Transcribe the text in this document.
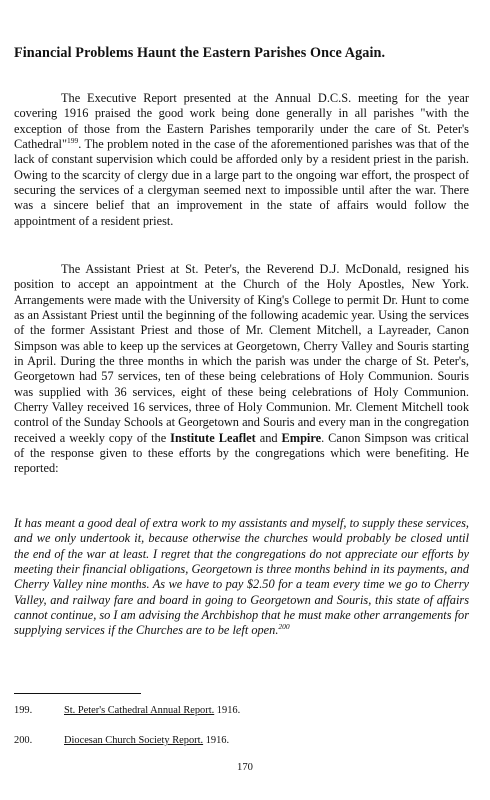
Financial Problems Haunt the Eastern Parishes Once Again.

The Executive Report presented at the Annual D.C.S. meeting for the year covering 1916 praised the good work being done generally in all parishes "with the exception of those from the Eastern Parishes temporarily under the care of St. Peter's Cathedral"$^{199}$. The problem noted in the case of the aforementioned parishes was that of the lack of constant supervision which could be afforded only by a resident priest in the parish. Owing to the scarcity of clergy due in a large part to the ongoing war effort, the prospect of securing the services of a clergyman seemed next to impossible until after the war. There was a sincere belief that an improvement in the state of affairs would follow the appointment of a resident priest.

The Assistant Priest at St. Peter's, the Reverend D.J. McDonald, resigned his position to accept an appointment at the Church of the Holy Apostles, New York. Arrangements were made with the University of King's College to permit Dr. Hunt to come as an Assistant Priest until the beginning of the following academic year. Using the services of the former Assistant Priest and those of Mr. Clement Mitchell, a Layreader, Canon Simpson was able to keep up the services at Georgetown, Cherry Valley and Souris starting in April. During the three months in which the parish was under the charge of St. Peter's, Georgetown had 57 services, ten of these being celebrations of Holy Communion. Souris was supplied with 36 services, eight of these being celebrations of Holy Communion. Cherry Valley received 16 services, three of Holy Communion. Mr. Clement Mitchell took control of the Sunday Schools at Georgetown and Souris and every man in the congregation received a weekly copy of the Institute Leaflet and Empire. Canon Simpson was critical of the response given to these efforts by the congregations which were benefiting. He reported:

It has meant a good deal of extra work to my assistants and myself, to supply these services, and we only undertook it, because otherwise the churches would probably be closed until the end of the war at least. I regret that the congregations do not appreciate our efforts by meeting their financial obligations, Georgetown is three months behind in its payments, and Cherry Valley nine months. As we have to pay $2.50 for a team every time we go to Cherry Valley, and railway fare and board in going to Georgetown and Souris, this state of affairs cannot continue, so I am advising the Archbishop that he must make other arrangements for supplying services if the Churches are to be left open.$^{200}$

199.	St. Peter's Cathedral Annual Report. 1916.
200.	Diocesan Church Society Report. 1916.
170
